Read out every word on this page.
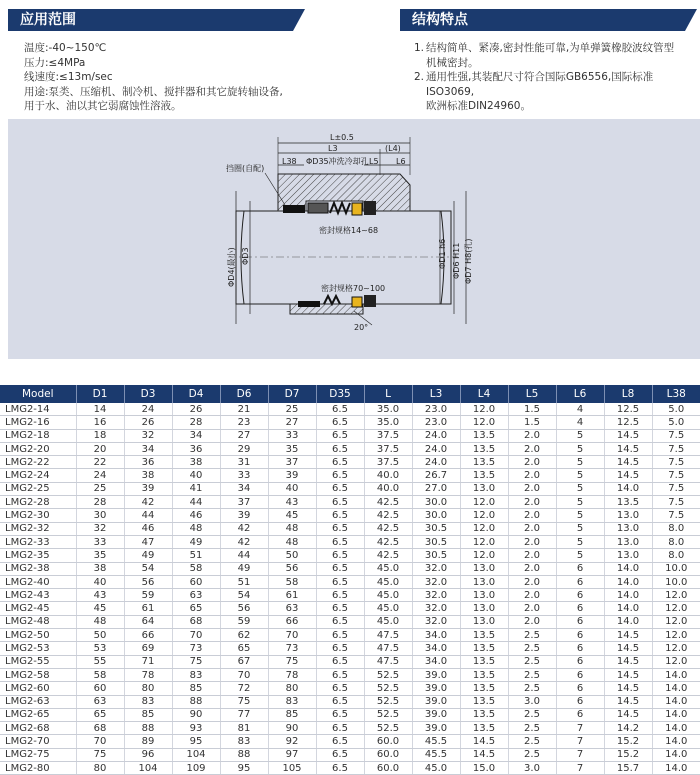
应用范围	结构特点
温度:-40~150℃
压力:≤4MPa
线速度:≤13m/sec
用途:泵类、压缩机、制冷机、搅拌器和其它旋转轴设备,
用于水、油以其它弱腐蚀性溶液。
1. 结构简单、紧凑,密封性能可靠,为单弹簧橡胶波纹管型
机械密封。
2. 通用性强,其装配尺寸符合国际GB6556,国际标准ISO3069,
欧洲标准DIN24960。
L±0.5
L3	(L4)
L38 ΦD35冲洗冷却孔 L5 L6
挡圈(自配)
密封规格14~68
密封规格70~100
ΦD4(最小) ΦD3	ΦD1 h6 ΦD6 H11 ΦD7 H8(孔)
20°
Model	D1	D3	D4	D6	D7	D35	L	L3	L4	L5	L6	L8	L38
LMG2-14	14	24	26	21	25	6.5	35.0	23.0	12.0	1.5	4	12.5	5.0
LMG2-16	16	26	28	23	27	6.5	35.0	23.0	12.0	1.5	4	12.5	5.0
LMG2-18	18	32	34	27	33	6.5	37.5	24.0	13.5	2.0	5	14.5	7.5
LMG2-20	20	34	36	29	35	6.5	37.5	24.0	13.5	2.0	5	14.5	7.5
LMG2-22	22	36	38	31	37	6.5	37.5	24.0	13.5	2.0	5	14.5	7.5
LMG2-24	24	38	40	33	39	6.5	40.0	26.7	13.5	2.0	5	14.5	7.5
LMG2-25	25	39	41	34	40	6.5	40.0	27.0	13.0	2.0	5	14.0	7.5
LMG2-28	28	42	44	37	43	6.5	42.5	30.0	12.0	2.0	5	13.5	7.5
LMG2-30	30	44	46	39	45	6.5	42.5	30.0	12.0	2.0	5	13.0	7.5
LMG2-32	32	46	48	42	48	6.5	42.5	30.5	12.0	2.0	5	13.0	8.0
LMG2-33	33	47	49	42	48	6.5	42.5	30.5	12.0	2.0	5	13.0	8.0
LMG2-35	35	49	51	44	50	6.5	42.5	30.5	12.0	2.0	5	13.0	8.0
LMG2-38	38	54	58	49	56	6.5	45.0	32.0	13.0	2.0	6	14.0	10.0
LMG2-40	40	56	60	51	58	6.5	45.0	32.0	13.0	2.0	6	14.0	10.0
LMG2-43	43	59	63	54	61	6.5	45.0	32.0	13.0	2.0	6	14.0	12.0
LMG2-45	45	61	65	56	63	6.5	45.0	32.0	13.0	2.0	6	14.0	12.0
LMG2-48	48	64	68	59	66	6.5	45.0	32.0	13.0	2.0	6	14.0	12.0
LMG2-50	50	66	70	62	70	6.5	47.5	34.0	13.5	2.5	6	14.5	12.0
LMG2-53	53	69	73	65	73	6.5	47.5	34.0	13.5	2.5	6	14.5	12.0
LMG2-55	55	71	75	67	75	6.5	47.5	34.0	13.5	2.5	6	14.5	12.0
LMG2-58	58	78	83	70	78	6.5	52.5	39.0	13.5	2.5	6	14.5	14.0
LMG2-60	60	80	85	72	80	6.5	52.5	39.0	13.5	2.5	6	14.5	14.0
LMG2-63	63	83	88	75	83	6.5	52.5	39.0	13.5	3.0	6	14.5	14.0
LMG2-65	65	85	90	77	85	6.5	52.5	39.0	13.5	2.5	6	14.5	14.0
LMG2-68	68	88	93	81	90	6.5	52.5	39.0	13.5	2.5	7	14.2	14.0
LMG2-70	70	89	95	83	92	6.5	60.0	45.5	14.5	2.5	7	15.2	14.0
LMG2-75	75	96	104	88	97	6.5	60.0	45.5	14.5	2.5	7	15.2	14.0
LMG2-80	80	104	109	95	105	6.5	60.0	45.0	15.0	3.0	7	15.7	14.0
